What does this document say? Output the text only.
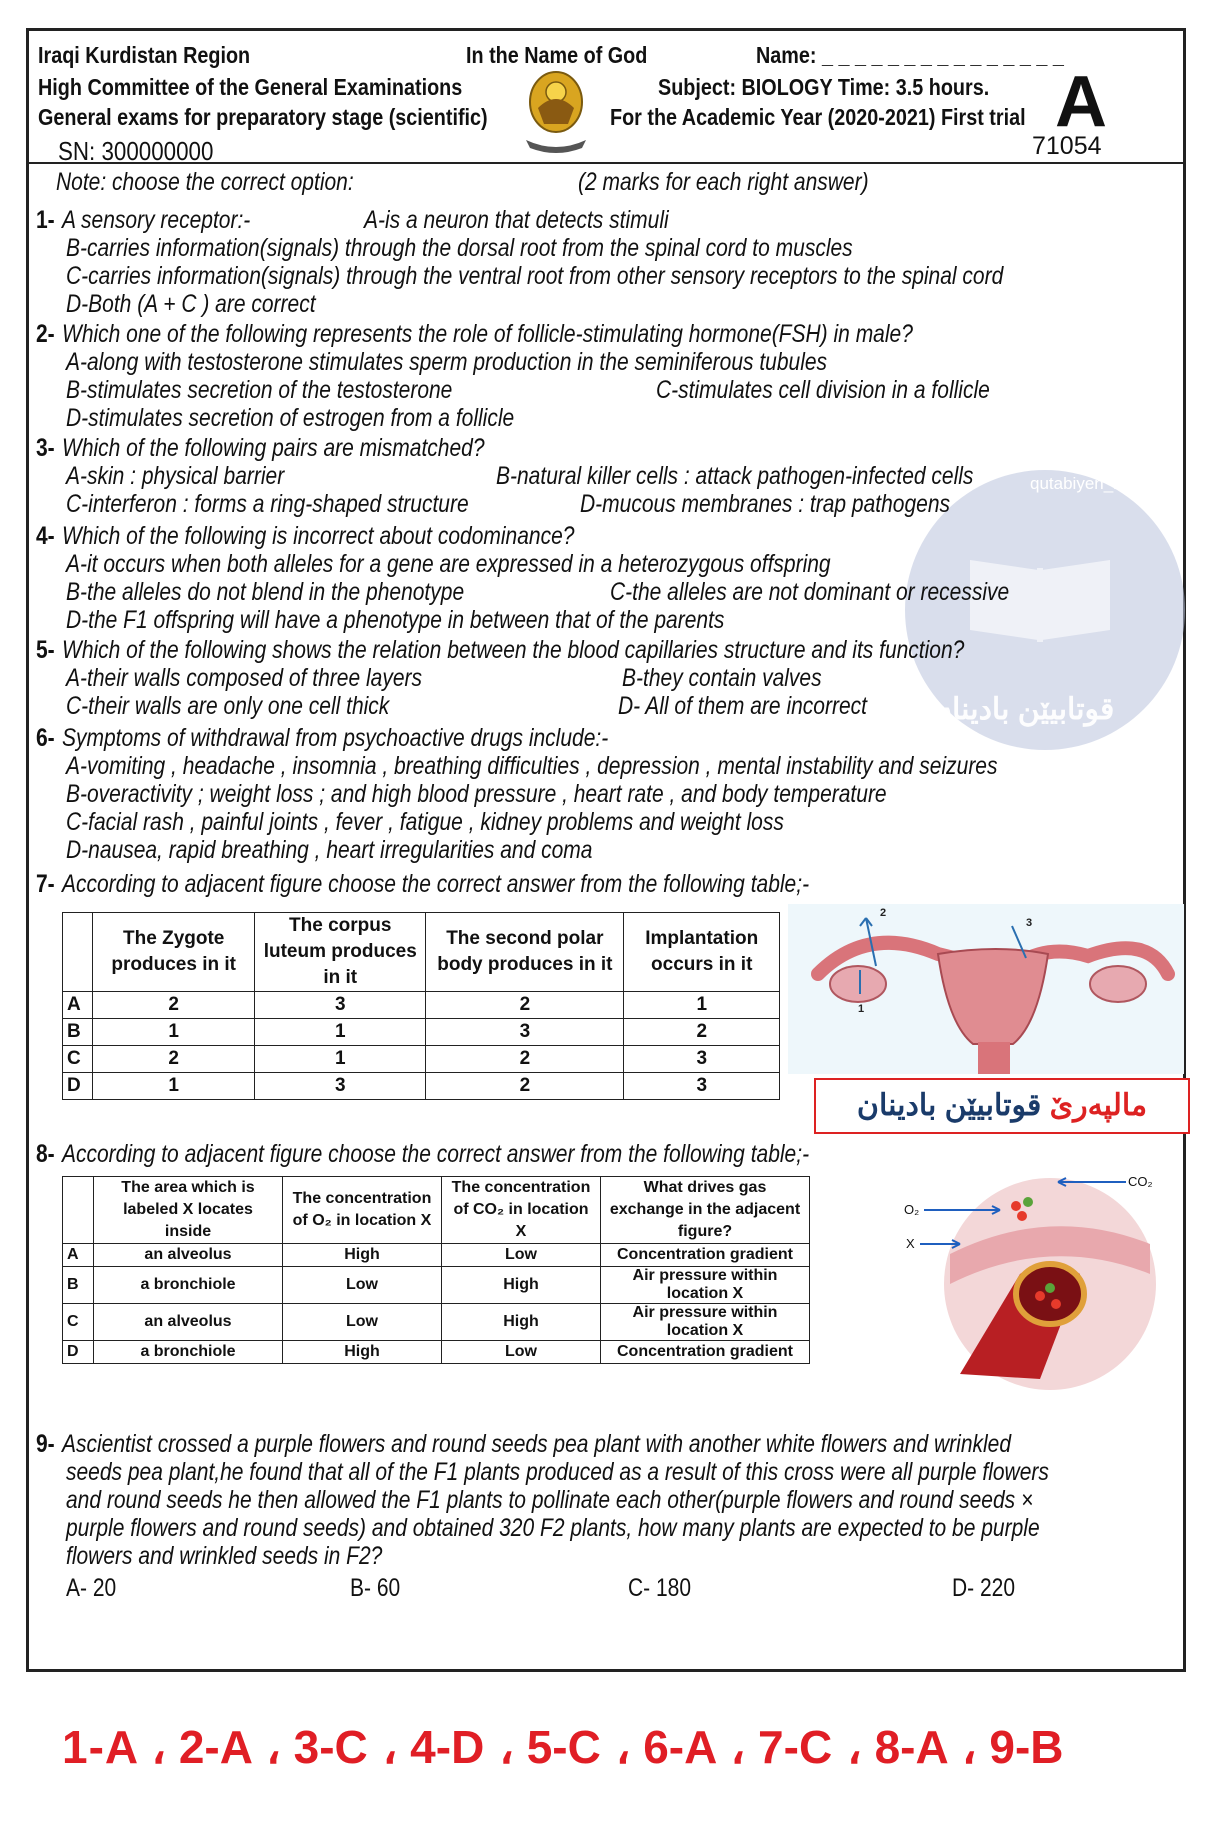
Iraqi Kurdistan Region
High Committee of the General Examinations
General exams for preparatory stage (scientific)
SN: 300000000
In the Name of God	Name: _ _ _ _ _ _ _ _ _ _ _ _ _ _ _
Subject: BIOLOGY Time: 3.5 hours.
For the Academic Year (2020-2021) First trial A
71054
Note: choose the correct option:	(2 marks for each right answer)
qutabiyen_badinan
قوتابیێن بادینان
1- A sensory receptor:-	A-is a neuron that detects stimuli
B-carries information(signals) through the dorsal root from the spinal cord to muscles
C-carries information(signals) through the ventral root from other sensory receptors to the spinal cord
D-Both (A + C ) are correct
2- Which one of the following represents the role of follicle-stimulating hormone(FSH) in male?
A-along with testosterone stimulates sperm production in the seminiferous tubules
B-stimulates secretion of the testosterone	C-stimulates cell division in a follicle
D-stimulates secretion of estrogen from a follicle
3- Which of the following pairs are mismatched?
A-skin : physical barrier	B-natural killer cells : attack pathogen-infected cells
C-interferon : forms a ring-shaped structure	D-mucous membranes : trap pathogens
4- Which of the following is incorrect about codominance?
A-it occurs when both alleles for a gene are expressed in a heterozygous offspring
B-the alleles do not blend in the phenotype	C-the alleles are not dominant or recessive
D-the F1 offspring will have a phenotype in between that of the parents
5- Which of the following shows the relation between the blood capillaries structure and its function?
A-their walls composed of three layers	B-they contain valves
C-their walls are only one cell thick	D- All of them are incorrect
6- Symptoms of withdrawal from psychoactive drugs include:-
A-vomiting , headache , insomnia , breathing difficulties , depression , mental instability and seizures
B-overactivity ; weight loss ; and high blood pressure , heart rate , and body temperature
C-facial rash , painful joints , fever , fatigue , kidney problems and weight loss
D-nausea, rapid breathing , heart irregularities and coma
7- According to adjacent figure choose the correct answer from the following table;-
	The Zygote produces in it	The corpus luteum produces in it	The second polar body produces in it	Implantation occurs in it
A	2	3	2	1
B	1	1	3	2
C	2	1	2	3
D	1	3	2	3
2
3
1
مالپەرێ قوتابیێن بادینان
8- According to adjacent figure choose the correct answer from the following table;-
	The area which is labeled X locates inside	The concentration of O₂ in location X	The concentration of CO₂ in location X	What drives gas exchange in the adjacent figure?
A	an alveolus	High	Low	Concentration gradient
B	a bronchiole	Low	High	Air pressure within location X
C	an alveolus	Low	High	Air pressure within location X
D	a bronchiole	High	Low	Concentration gradient
CO₂
O₂
X
9- Ascientist crossed a purple flowers and round seeds pea plant with another white flowers and wrinkled
seeds pea plant,he found that all of the F1 plants produced as a result of this cross were all purple flowers
and round seeds he then allowed the F1 plants to pollinate each other(purple flowers and round seeds ×
purple flowers and round seeds) and obtained 320 F2 plants, how many plants are expected to be purple
flowers and wrinkled seeds in F2?
A- 20	B- 60	C- 180	D- 220
1-A ، 2-A ، 3-C ، 4-D ، 5-C ، 6-A ، 7-C ، 8-A ، 9-B
